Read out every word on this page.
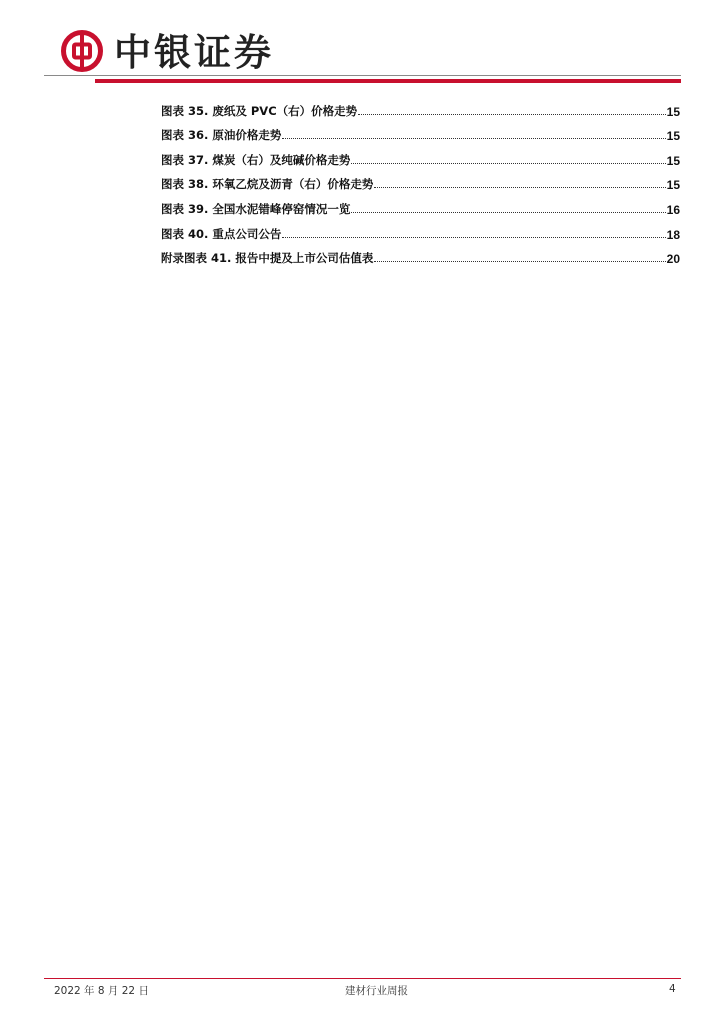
中银证券
图表 35. 废纸及 PVC（右）价格走势	15
图表 36. 原油价格走势	15
图表 37. 煤炭（右）及纯碱价格走势	15
图表 38. 环氧乙烷及沥青（右）价格走势	15
图表 39. 全国水泥错峰停窑情况一览	16
图表 40. 重点公司公告	18
附录图表 41. 报告中提及上市公司估值表	20
2022 年 8 月 22 日	建材行业周报	4
